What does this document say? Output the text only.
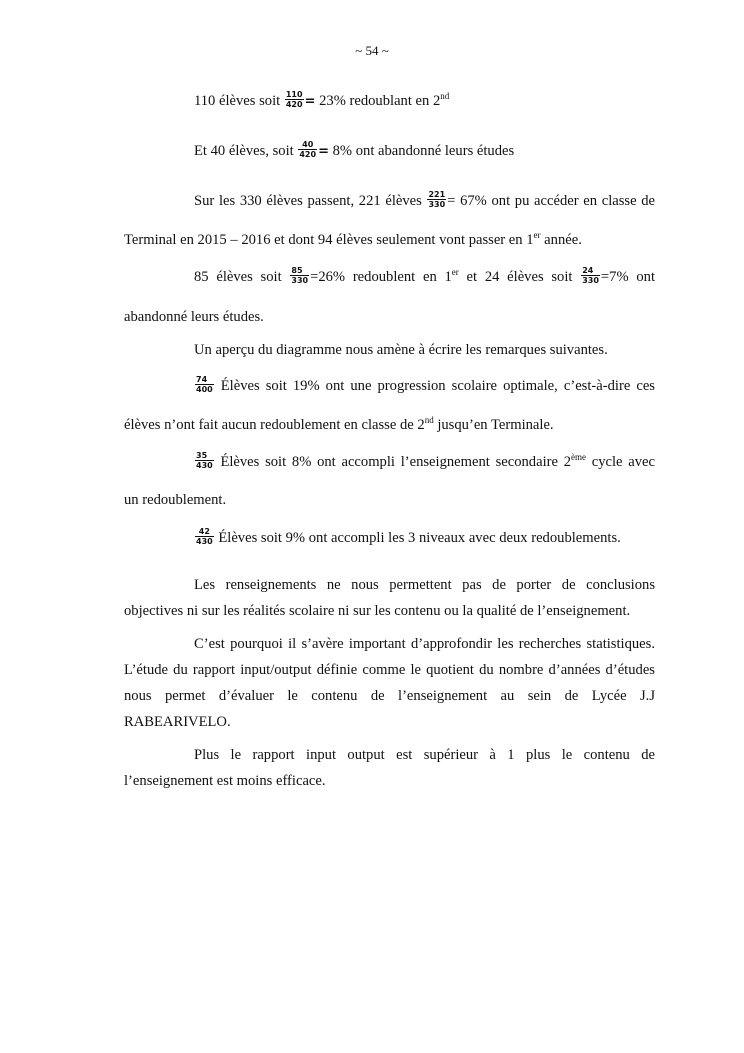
~ 54 ~
110 élèves soit $\frac{110}{420} = 23\%$ redoublant en 2nd
Et 40 élèves, soit $\frac{40}{420} = 8\%$ ont abandonné leurs études
Sur les 330 élèves passent, 221 élèves $\frac{221}{330} = 67\%$ ont pu accéder en classe de
Terminal en 2015 – 2016 et dont 94 élèves seulement vont passer en 1er année.
85 élèves soit $\frac{85}{330} =26\%$ redoublent en 1er et 24 élèves soit $\frac{24}{330} =7\%$ ont
abandonné leurs études.
Un aperçu du diagramme nous amène à écrire les remarques suivantes.
$\frac{74}{400}$ Élèves soit 19% ont une progression scolaire optimale, c’est-à-dire ces
élèves n’ont fait aucun redoublement en classe de 2nd jusqu’en Terminale.
$\frac{35}{430}$ Élèves soit 8% ont accompli l’enseignement secondaire 2ème cycle avec
un redoublement.
$\frac{42}{430}$ Élèves soit 9% ont accompli les 3 niveaux avec deux redoublements.
Les renseignements ne nous permettent pas de porter de conclusions
objectives ni sur les réalités scolaire ni sur les contenu ou la qualité de l’enseignement.
C’est pourquoi il s’avère important d’approfondir les recherches statistiques.
L’étude du rapport input/output définie comme le quotient du nombre d’années d’études
nous permet d’évaluer le contenu de l’enseignement au sein de Lycée J.J
RABEARIVELO.
Plus le rapport input output est supérieur à 1 plus le contenu de
l’enseignement est moins efficace.
